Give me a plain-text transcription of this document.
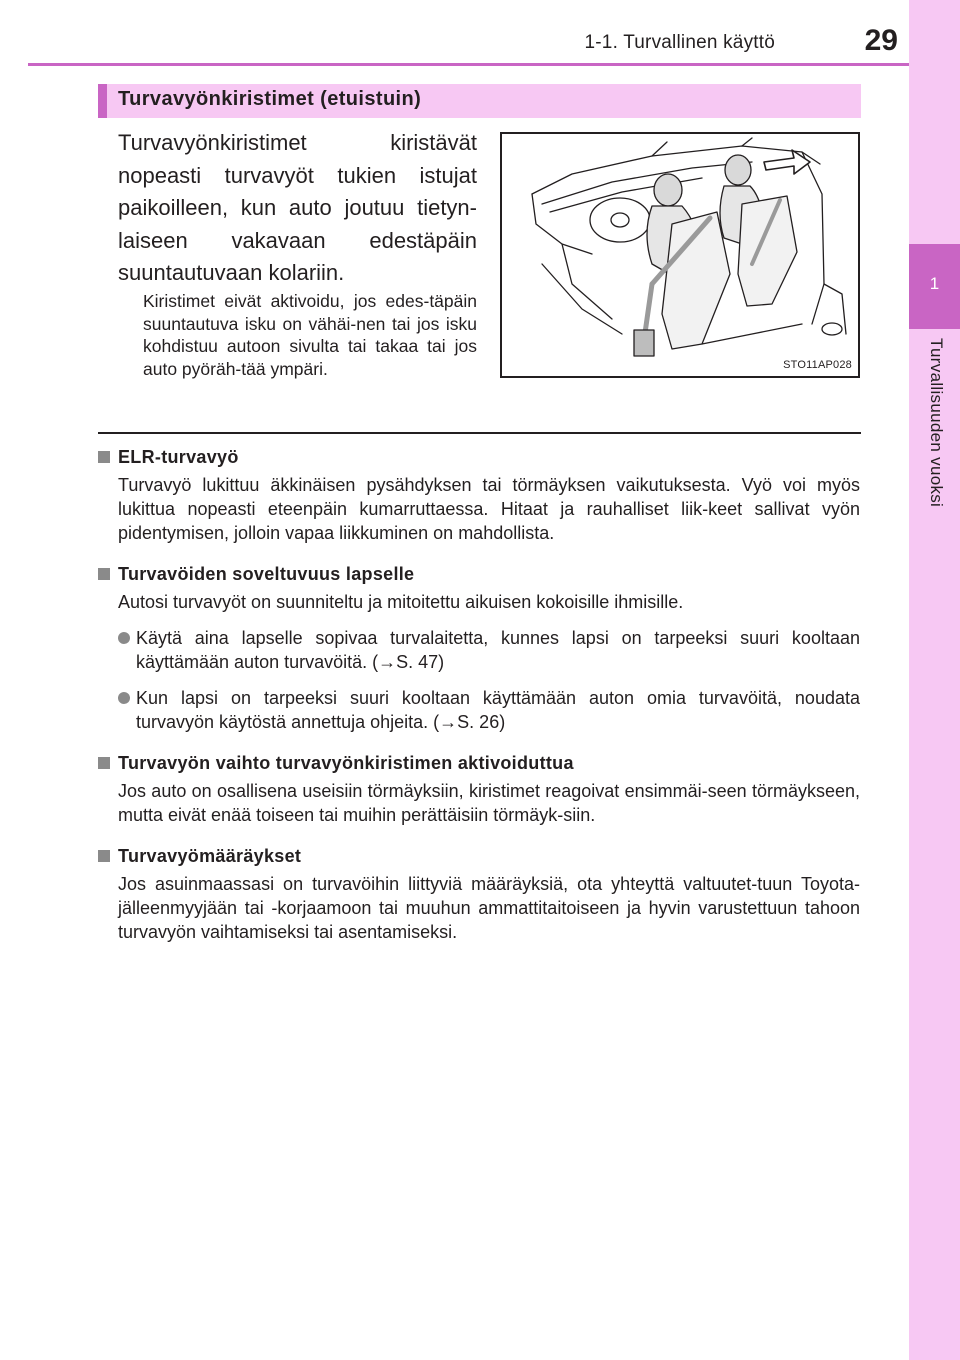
1-1. Turvallinen käyttö	29
1
Turvallisuuden vuoksi
Turvavyönkiristimet (etuistuin)
Turvavyönkiristimet kiristävät nopeasti turvavyöt tukien istujat paikoilleen, kun auto joutuu tietyn-laiseen vakavaan edestäpäin suuntautuvaan kolariin.
Kiristimet eivät aktivoidu, jos edes-täpäin suuntautuva isku on vähäi-nen tai jos isku kohdistuu autoon sivulta tai takaa tai jos auto pyöräh-tää ympäri.	STO11AP028
ELR-turvavyö
Turvavyö lukittuu äkkinäisen pysähdyksen tai törmäyksen vaikutuksesta. Vyö voi myös lukittua nopeasti eteenpäin kumarruttaessa. Hitaat ja rauhalliset liik-keet sallivat vyön pidentymisen, jolloin vapaa liikkuminen on mahdollista.
Turvavöiden soveltuvuus lapselle
Autosi turvavyöt on suunniteltu ja mitoitettu aikuisen kokoisille ihmisille.
Käytä aina lapselle sopivaa turvalaitetta, kunnes lapsi on tarpeeksi suuri kooltaan käyttämään auton turvavöitä. (→S. 47)
Kun lapsi on tarpeeksi suuri kooltaan käyttämään auton omia turvavöitä, noudata turvavyön käytöstä annettuja ohjeita. (→S. 26)
Turvavyön vaihto turvavyönkiristimen aktivoiduttua
Jos auto on osallisena useisiin törmäyksiin, kiristimet reagoivat ensimmäi-seen törmäykseen, mutta eivät enää toiseen tai muihin perättäisiin törmäyk-siin.
Turvavyömääräykset
Jos asuinmaassasi on turvavöihin liittyviä määräyksiä, ota yhteyttä valtuutet-tuun Toyota-jälleenmyyjään tai -korjaamoon tai muuhun ammattitaitoiseen ja hyvin varustettuun tahoon turvavyön vaihtamiseksi tai asentamiseksi.
